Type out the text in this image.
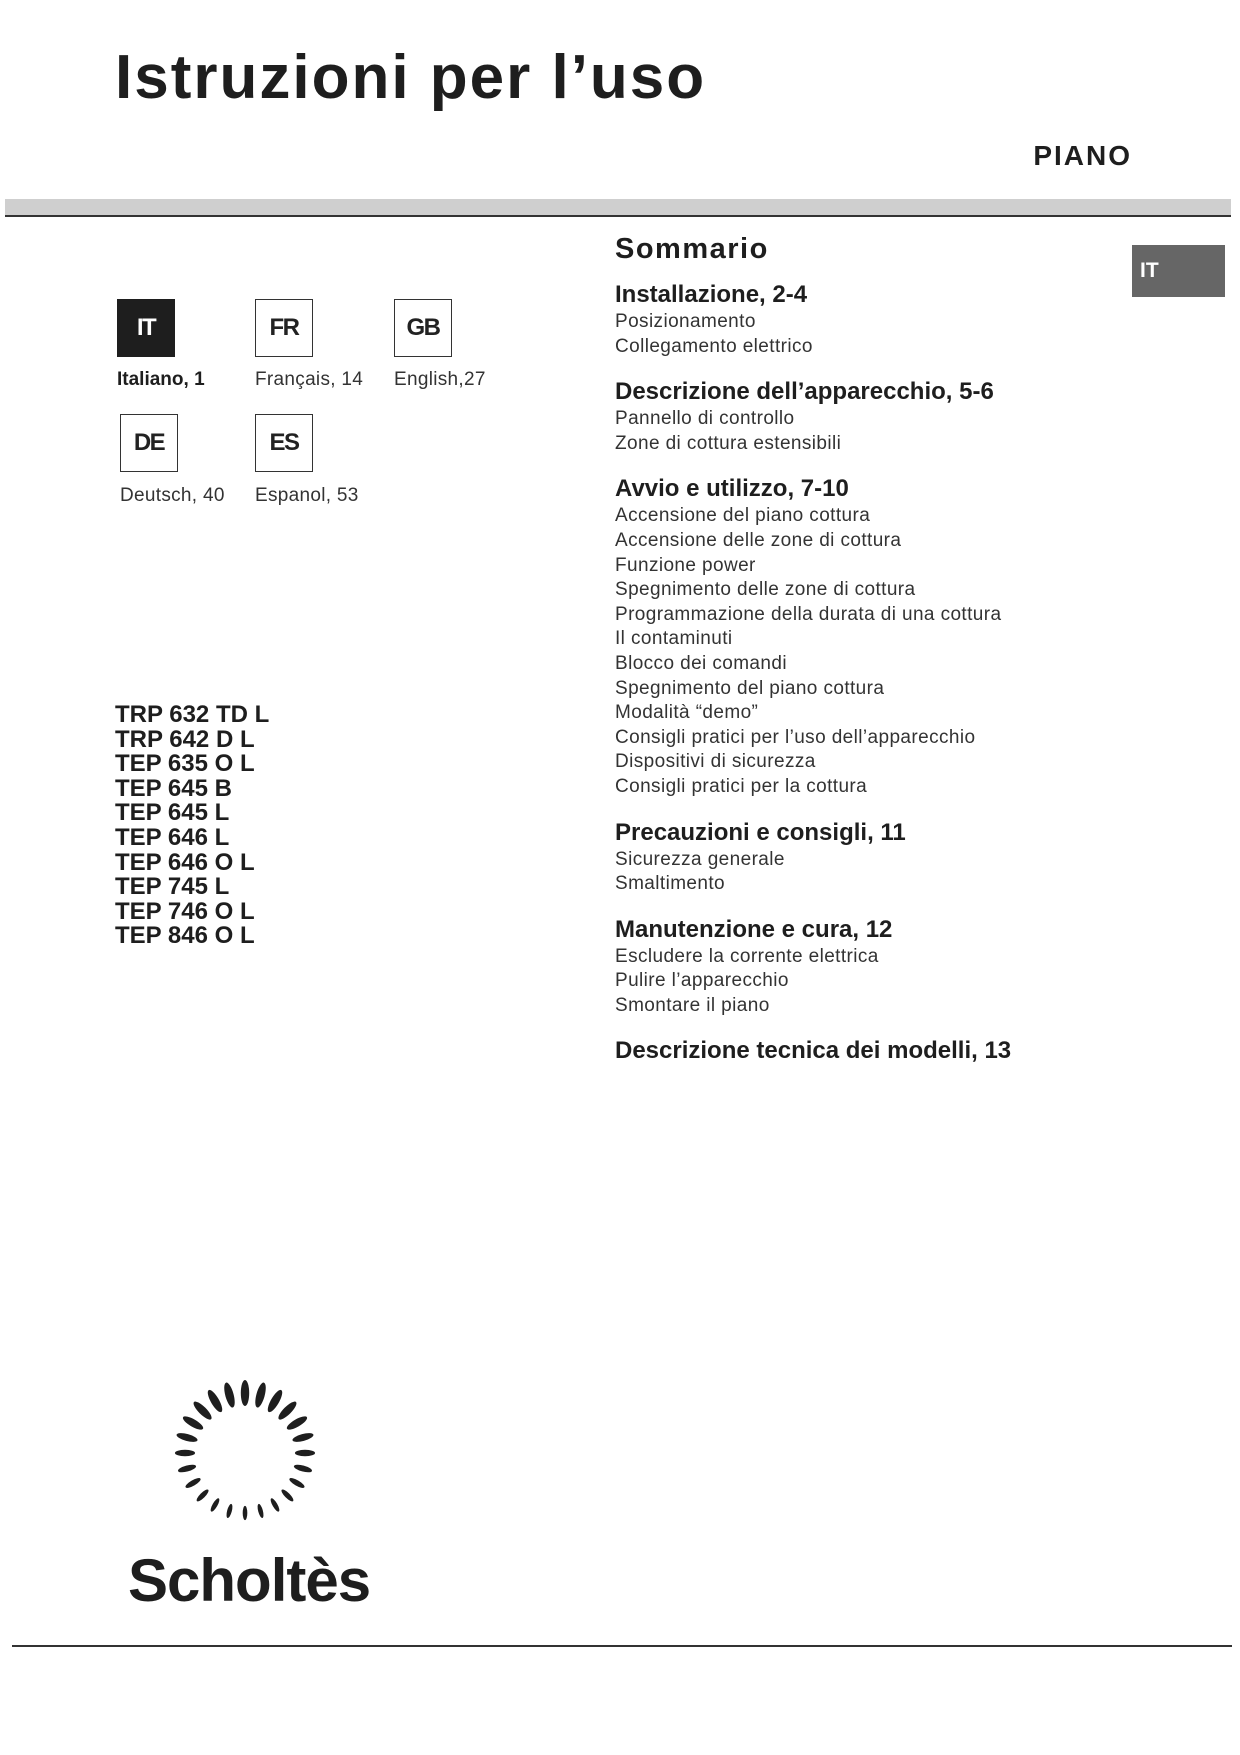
Istruzioni per l’uso
PIANO
IT
IT
Italiano, 1
FR
Français, 14
GB
English,27
DE
Deutsch, 40
ES
Espanol, 53
TRP 632 TD L
TRP 642 D L
TEP 635 O L
TEP 645 B
TEP 645 L
TEP 646 L
TEP 646 O L
TEP 745 L
TEP 746 O L
TEP 846 O L
Sommario
Installazione, 2-4
Posizionamento
Collegamento elettrico
Descrizione dell’apparecchio, 5-6
Pannello di controllo
Zone di cottura estensibili
Avvio e utilizzo, 7-10
Accensione del piano cottura
Accensione delle zone di cottura
Funzione power
Spegnimento delle zone di cottura
Programmazione della durata di una cottura
Il contaminuti
Blocco dei comandi
Spegnimento del piano cottura
Modalità “demo”
Consigli pratici per l’uso dell’apparecchio
Dispositivi di sicurezza
Consigli pratici per la cottura
Precauzioni e consigli, 11
Sicurezza generale
Smaltimento
Manutenzione e cura, 12
Escludere la corrente elettrica
Pulire l’apparecchio
Smontare il piano
Descrizione tecnica dei modelli, 13
Scholtès
